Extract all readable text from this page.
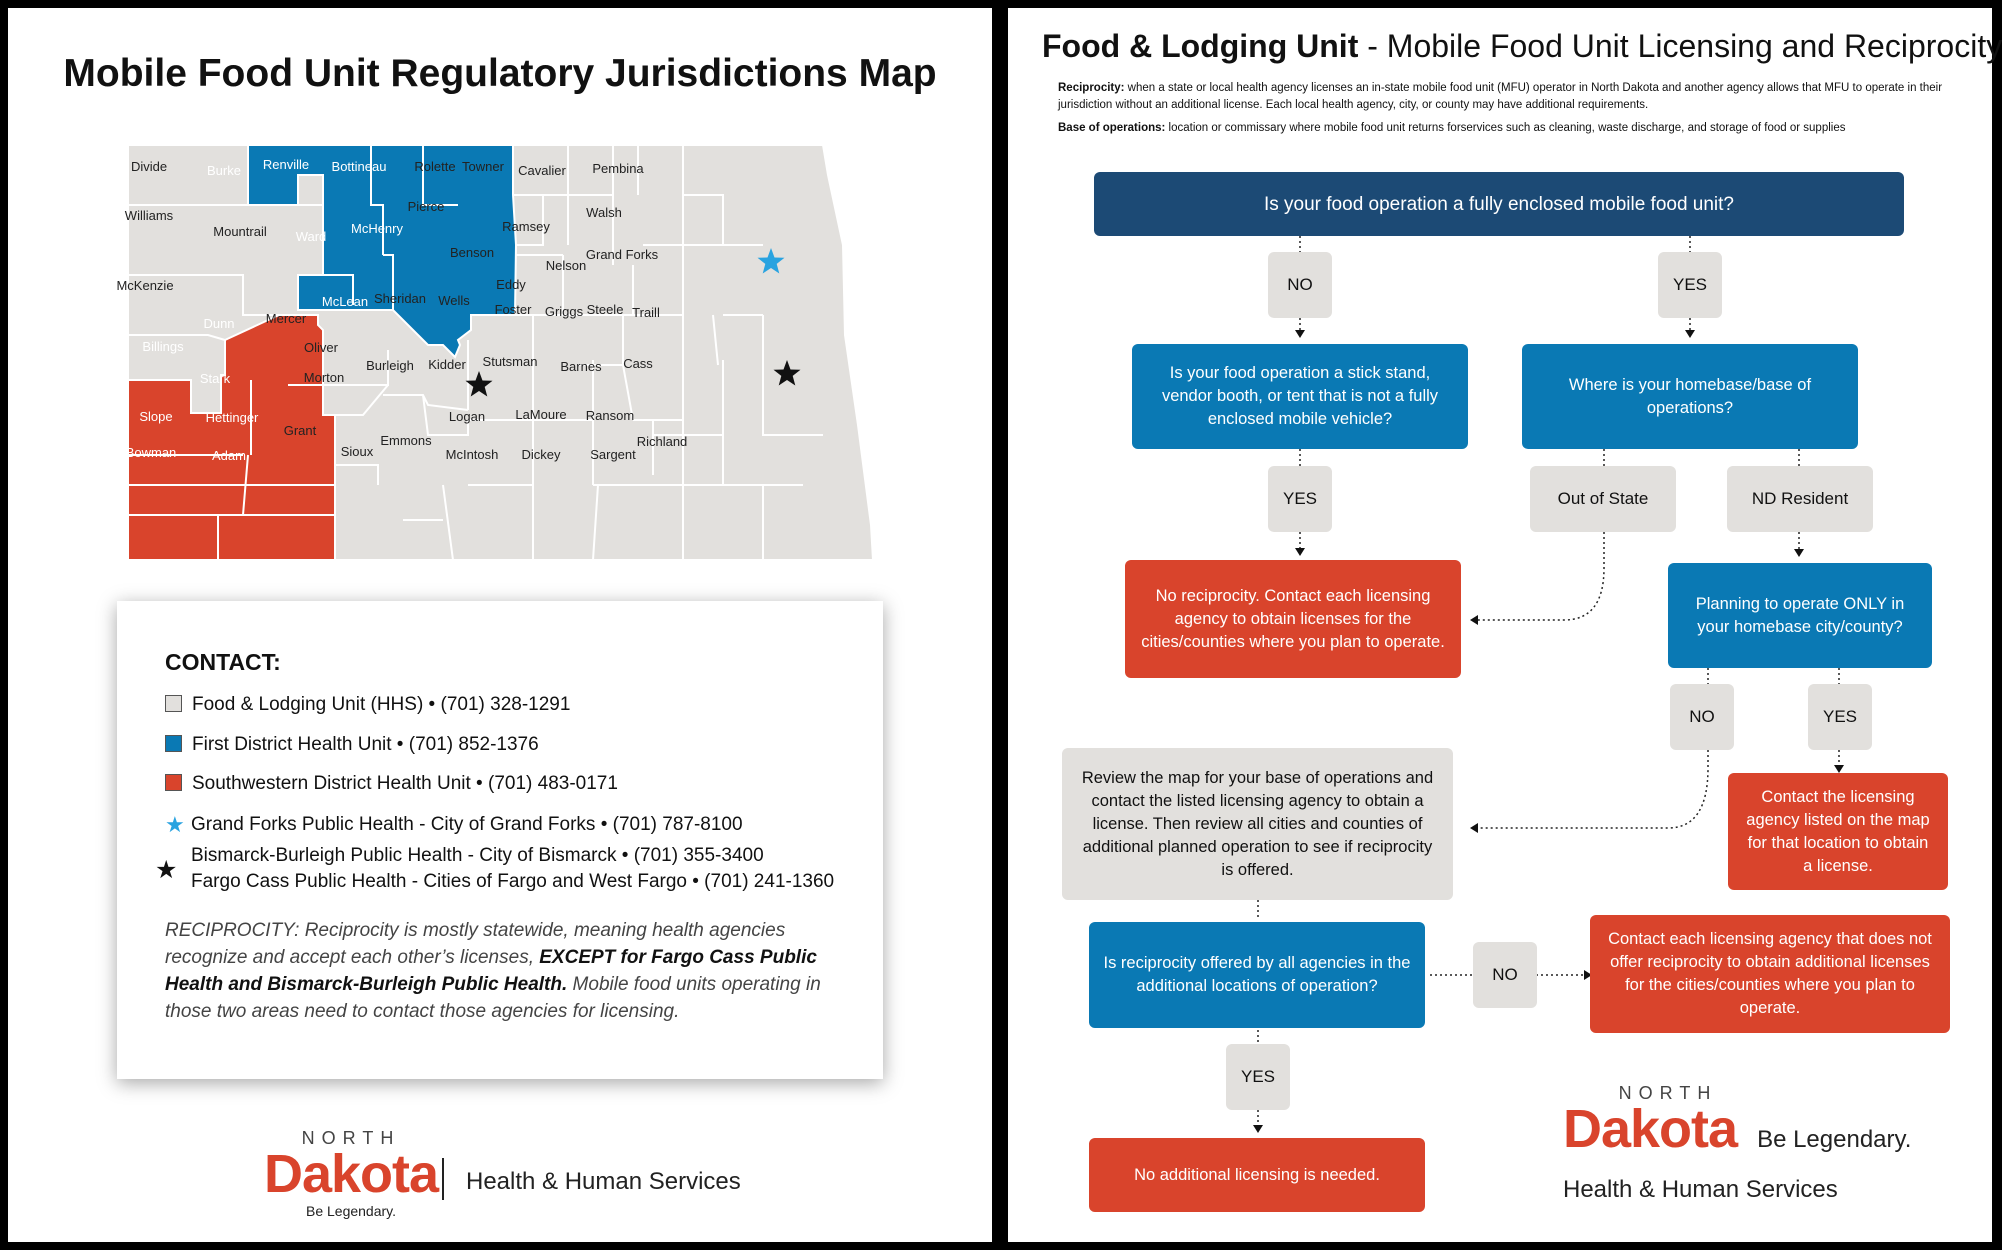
Mobile Food Unit Regulatory Jurisdictions Map
Divide	Burke Renville Bottineau Rolette Towner Cavalier Pembina
Williams
Mountrail Ward
McHenry
Pierce
Ramsey
Walsh
Benson
Nelson
Grand Forks
McKenzie
McLean Sheridan Wells
Eddy
Foster Griggs Steele Traill
Dunn Mercer
Oliver
Billings
Stark	Morton
Burleigh Kidder Stutsman Barnes Cass
Slope	Hettinger
Grant
Logan LaMoure Ransom
Richland
Bowman	Adam	Sioux
Emmons
McIntosh Dickey Sargent
CONTACT:
Food & Lodging Unit (HHS) • (701) 328-1291
First District Health Unit • (701) 852-1376
Southwestern District Health Unit • (701) 483-0171
★ Grand Forks Public Health - City of Grand Forks • (701) 787-8100
★
Bismarck-Burleigh Public Health - City of Bismarck • (701) 355-3400
Fargo Cass Public Health - Cities of Fargo and West Fargo • (701) 241-1360
RECIPROCITY: Reciprocity is mostly statewide, meaning health agencies recognize and accept each other’s licenses, EXCEPT for Fargo Cass Public Health and Bismarck-Burleigh Public Health. Mobile food units operating in those two areas need to contact those agencies for licensing.
NORTH
Dakota
Be Legendary.
Health & Human Services
Food & Lodging Unit - Mobile Food Unit Licensing and Reciprocity
Reciprocity: when a state or local health agency licenses an in-state mobile food unit (MFU) operator in North Dakota and another agency allows that MFU to operate in their jurisdiction without an additional license. Each local health agency, city, or county may have additional requirements.
Base of operations: location or commissary where mobile food unit returns forservices such as cleaning, waste discharge, and storage of food or supplies
Is your food operation a fully enclosed mobile food unit?
NO	YES
Is your food operation a stick stand, vendor booth, or tent that is not a fully enclosed mobile vehicle?
Where is your homebase/base of operations?
YES	Out of State	ND Resident
No reciprocity. Contact each licensing agency to obtain licenses for the cities/counties where you plan to operate.
Planning to operate ONLY in your homebase city/county?
NO	YES
Review the map for your base of operations and contact the listed licensing agency to obtain a license. Then review all cities and counties of additional planned operation to see if reciprocity is offered.
Contact the licensing agency listed on the map for that location to obtain a license.
Is reciprocity offered by all agencies in the additional locations of operation?
NO
Contact each licensing agency that does not offer reciprocity to obtain additional licenses for the cities/counties where you plan to operate.
YES
No additional licensing is needed.
NORTH
Dakota Be Legendary.
Health & Human Services
